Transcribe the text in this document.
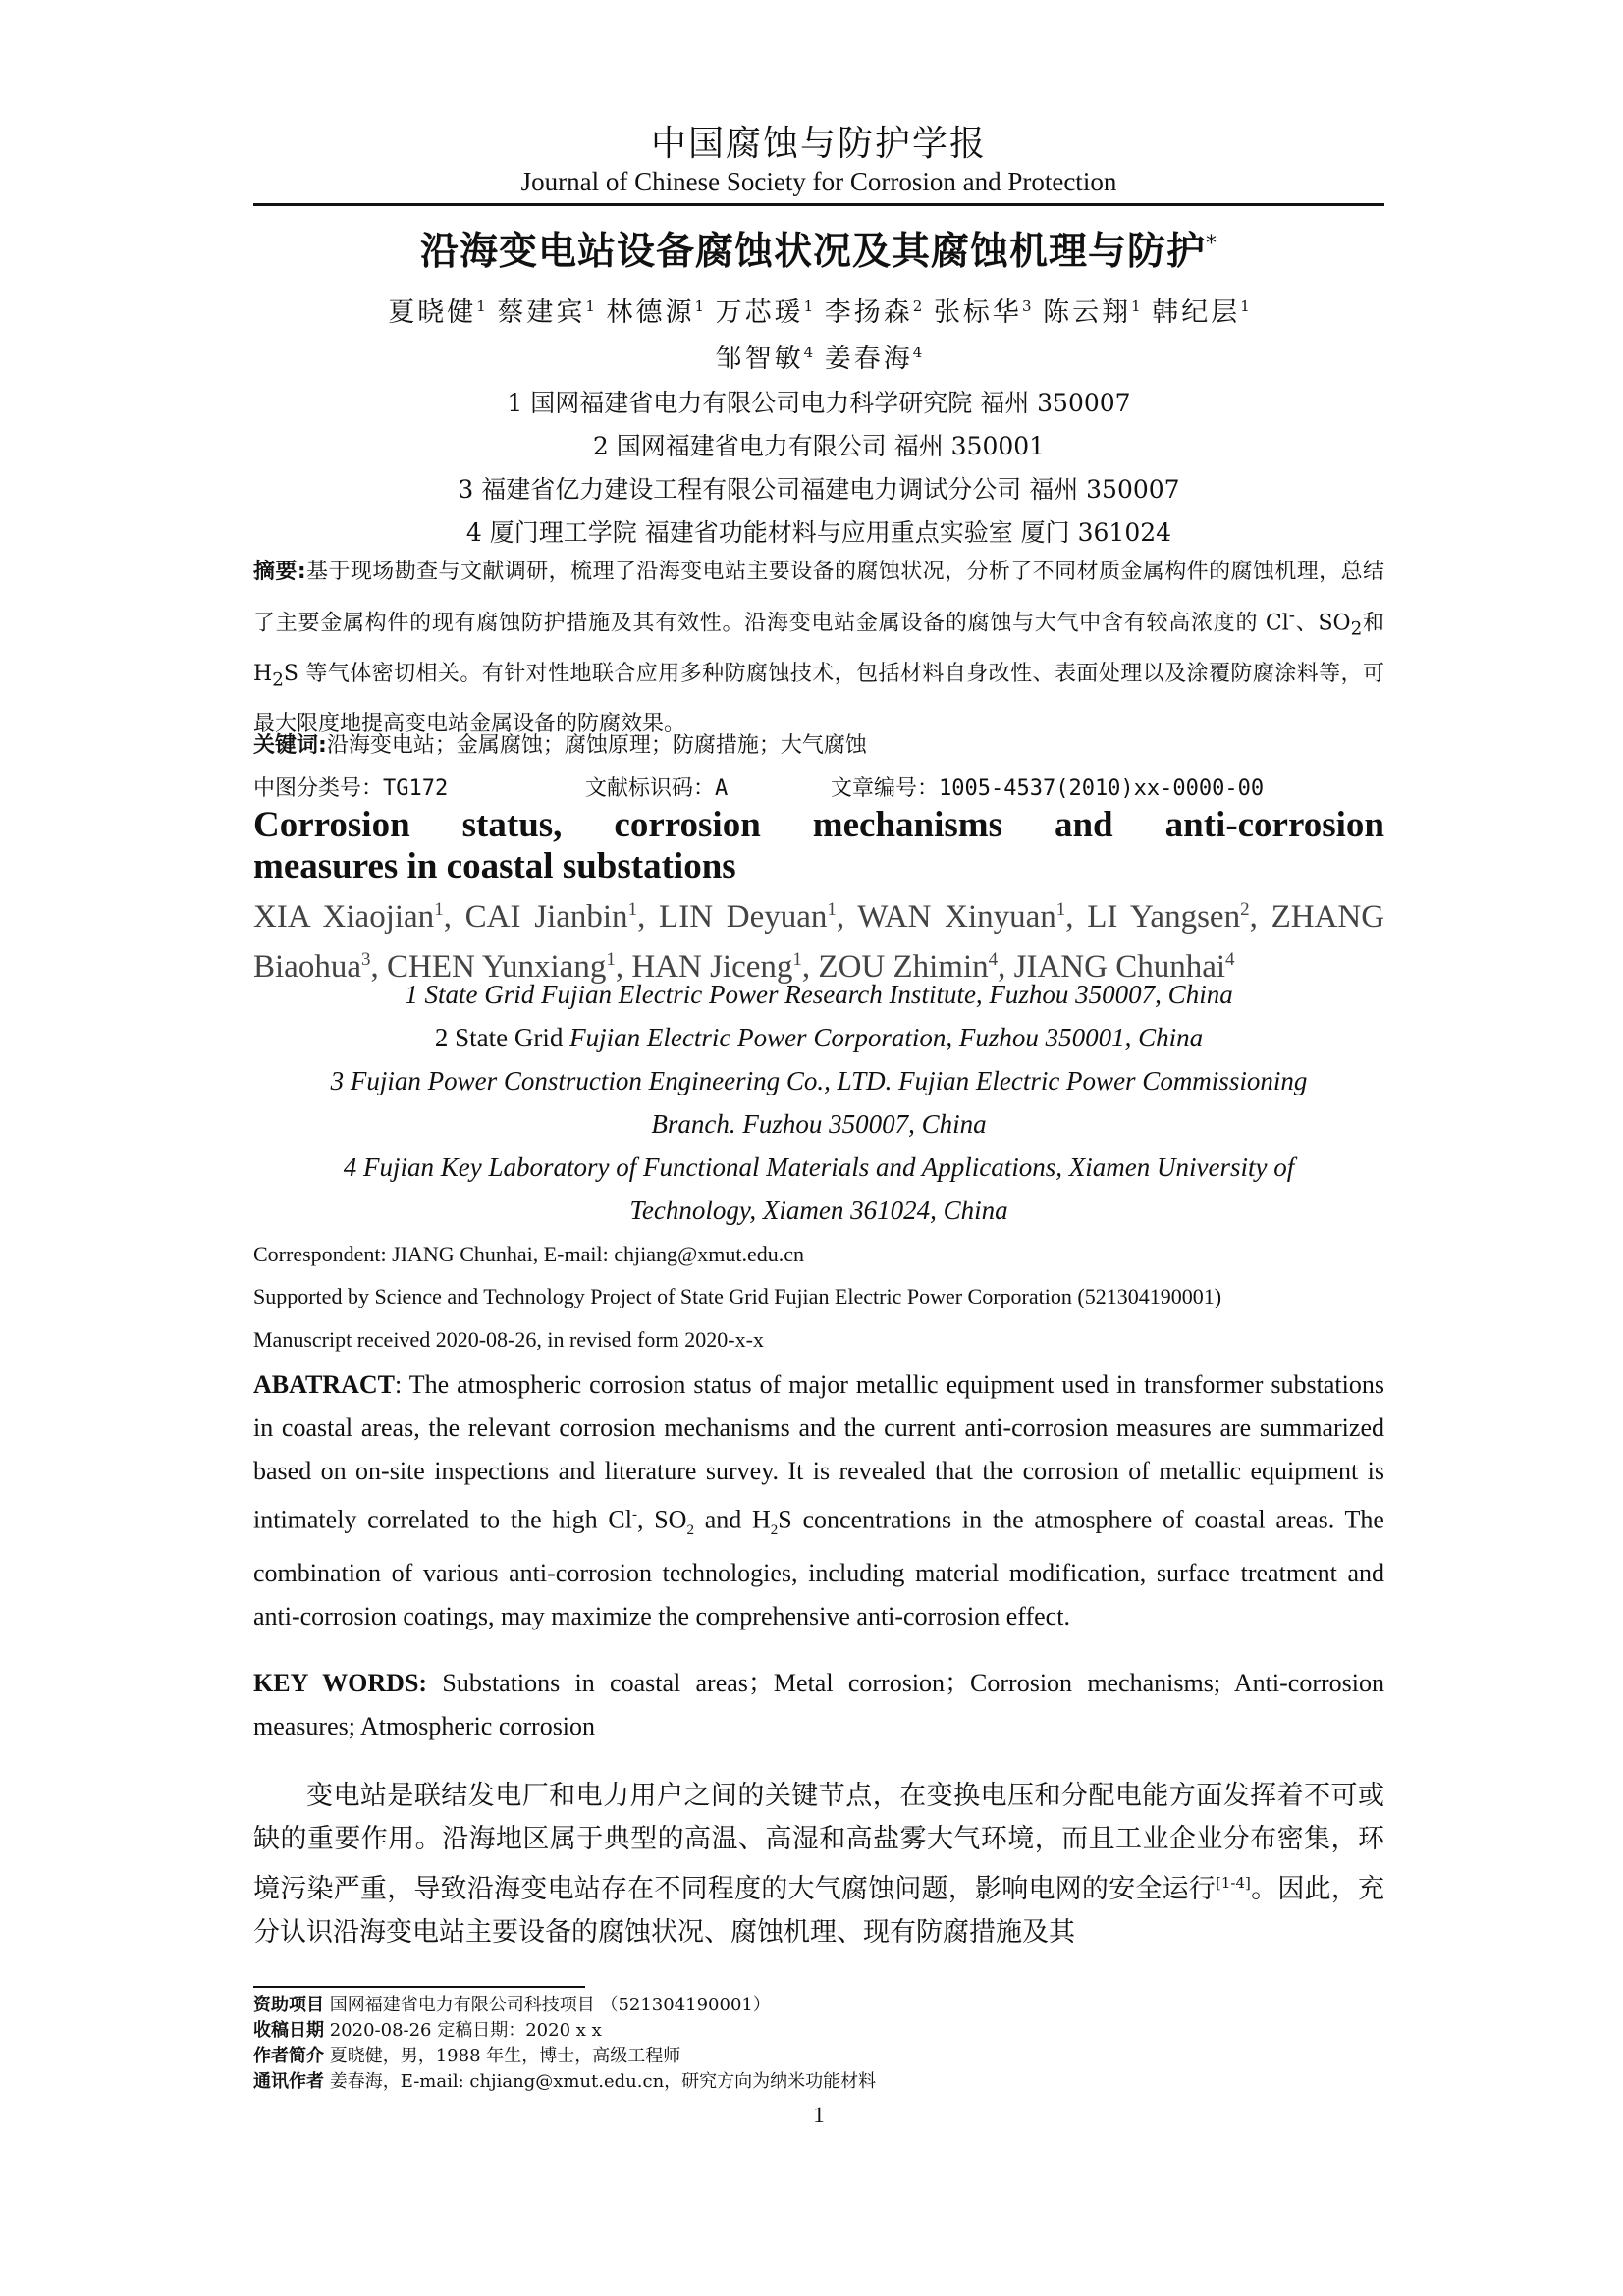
中国腐蚀与防护学报
Journal of Chinese Society for Corrosion and Protection
沿海变电站设备腐蚀状况及其腐蚀机理与防护*
夏晓健$^1$ 蔡建宾$^1$ 林德源$^1$ 万芯瑗$^1$ 李扬森$^2$ 张标华$^3$ 陈云翔$^1$ 韩纪层$^1$
邹智敏$^4$ 姜春海$^4$
1 国网福建省电力有限公司电力科学研究院 福州 350007
2 国网福建省电力有限公司 福州 350001
3 福建省亿力建设工程有限公司福建电力调试分公司 福州 350007
4 厦门理工学院 福建省功能材料与应用重点实验室 厦门 361024
摘要:基于现场勘查与文献调研，梳理了沿海变电站主要设备的腐蚀状况，分析了不同材质金属构件的腐蚀机理，总结了主要金属构件的现有腐蚀防护措施及其有效性。沿海变电站金属设备的腐蚀与大气中含有较高浓度的 Cl-、$SO_2$和 $H_2S$ 等气体密切相关。有针对性地联合应用多种防腐蚀技术，包括材料自身改性、表面处理以及涂覆防腐涂料等，可最大限度地提高变电站金属设备的防腐效果。
关键词:沿海变电站；金属腐蚀；腐蚀原理；防腐措施；大气腐蚀
中图分类号：TG172	文献标识码：A	文章编号：1005-4537(2010)xx-0000-00
Corrosion status, corrosion mechanisms and anti-corrosion
measures in coastal substations
XIA Xiaojian$^1$, CAI Jianbin$^1$, LIN Deyuan$^1$, WAN Xinyuan$^1$, LI Yangsen$^2$, ZHANG Biaohua$^3$, CHEN Yunxiang$^1$, HAN Jiceng$^1$, ZOU Zhimin$^4$, JIANG Chunhai$^4$
1 State Grid Fujian Electric Power Research Institute, Fuzhou 350007, China
2 State Grid Fujian Electric Power Corporation, Fuzhou 350001, China
3 Fujian Power Construction Engineering Co., LTD. Fujian Electric Power Commissioning
Branch. Fuzhou 350007, China
4 Fujian Key Laboratory of Functional Materials and Applications, Xiamen University of
Technology, Xiamen 361024, China
Correspondent: JIANG Chunhai, E-mail: chjiang@xmut.edu.cn
Supported by Science and Technology Project of State Grid Fujian Electric Power Corporation (521304190001)
Manuscript received 2020-08-26, in revised form 2020-x-x
ABATRACT: The atmospheric corrosion status of major metallic equipment used in transformer substations in coastal areas, the relevant corrosion mechanisms and the current anti-corrosion measures are summarized based on on-site inspections and literature survey. It is revealed that the corrosion of metallic equipment is intimately correlated to the high Cl-, $SO_2$ and $H_2S$ concentrations in the atmosphere of coastal areas. The combination of various anti-corrosion technologies, including material modification, surface treatment and anti-corrosion coatings, may maximize the comprehensive anti-corrosion effect.
KEY WORDS: Substations in coastal areas；Metal corrosion；Corrosion mechanisms; Anti-corrosion measures; Atmospheric corrosion
变电站是联结发电厂和电力用户之间的关键节点，在变换电压和分配电能方面发挥着不可或缺的重要作用。沿海地区属于典型的高温、高湿和高盐雾大气环境，而且工业企业分布密集，环境污染严重，导致沿海变电站存在不同程度的大气腐蚀问题，影响电网的安全运行[1-4]。因此，充分认识沿海变电站主要设备的腐蚀状况、腐蚀机理、现有防腐措施及其
资助项目 国网福建省电力有限公司科技项目 （521304190001）
收稿日期 2020-08-26 定稿日期：2020 x x
作者简介 夏晓健，男，1988 年生，博士，高级工程师
通讯作者 姜春海，E-mail: chjiang@xmut.edu.cn，研究方向为纳米功能材料
1
